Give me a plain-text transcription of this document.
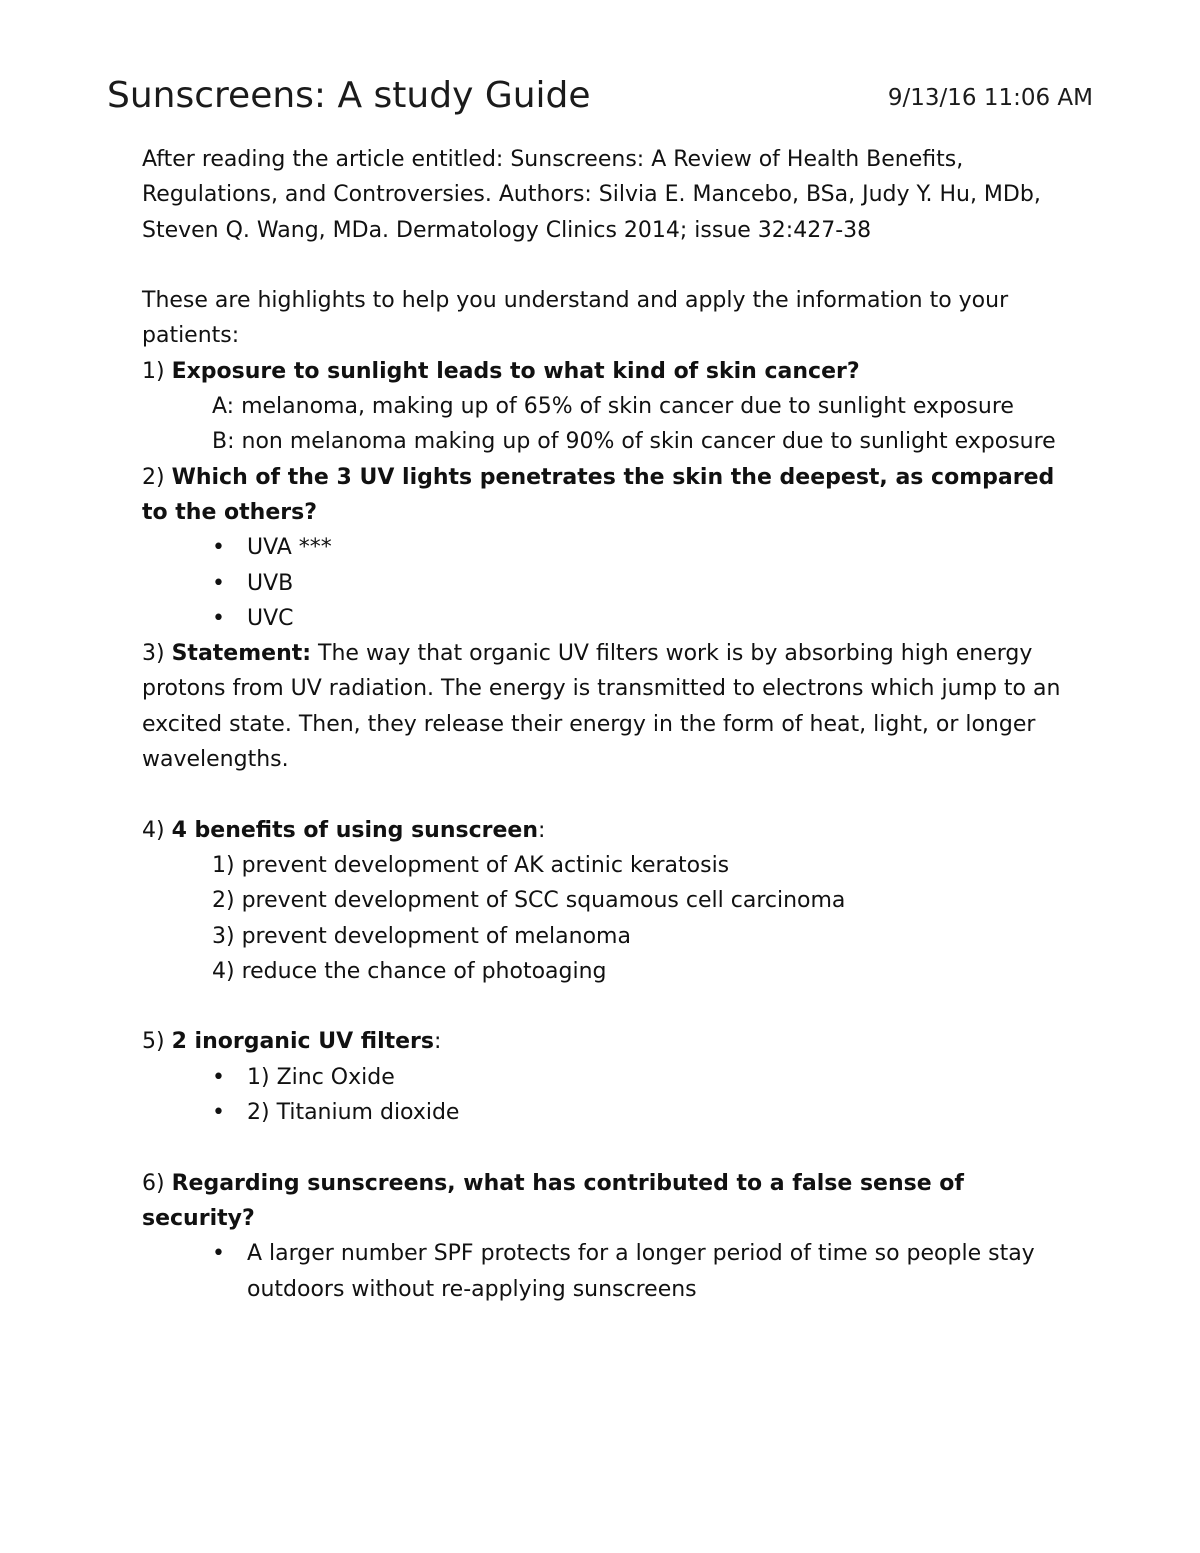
Sunscreens: A study Guide	9/13/16 11:06 AM

After reading the article entitled: Sunscreens: A Review of Health Benefits, Regulations, and Controversies. Authors: Silvia E. Mancebo, BSa, Judy Y. Hu, MDb, Steven Q. Wang, MDa. Dermatology Clinics 2014; issue 32:427-38

These are highlights to help you understand and apply the information to your patients:

1) Exposure to sunlight leads to what kind of skin cancer?

A: melanoma, making up of 65% of skin cancer due to sunlight exposure

B: non melanoma making up of 90% of skin cancer due to sunlight exposure

2) Which of the 3 UV lights penetrates the skin the deepest, as compared to the others?

•	UVA ***
•	UVB
•	UVC

3) Statement: The way that organic UV filters work is by absorbing high energy protons from UV radiation. The energy is transmitted to electrons which jump to an excited state. Then, they release their energy in the form of heat, light, or longer wavelengths.

4) 4 benefits of using sunscreen:

1) prevent development of AK actinic keratosis

2) prevent development of SCC squamous cell carcinoma

3) prevent development of melanoma

4) reduce the chance of photoaging

5) 2 inorganic UV filters:

•	1) Zinc Oxide
•	2) Titanium dioxide

6) Regarding sunscreens, what has contributed to a false sense of security?

•	A larger number SPF protects for a longer period of time so people stay outdoors without re-applying sunscreens
